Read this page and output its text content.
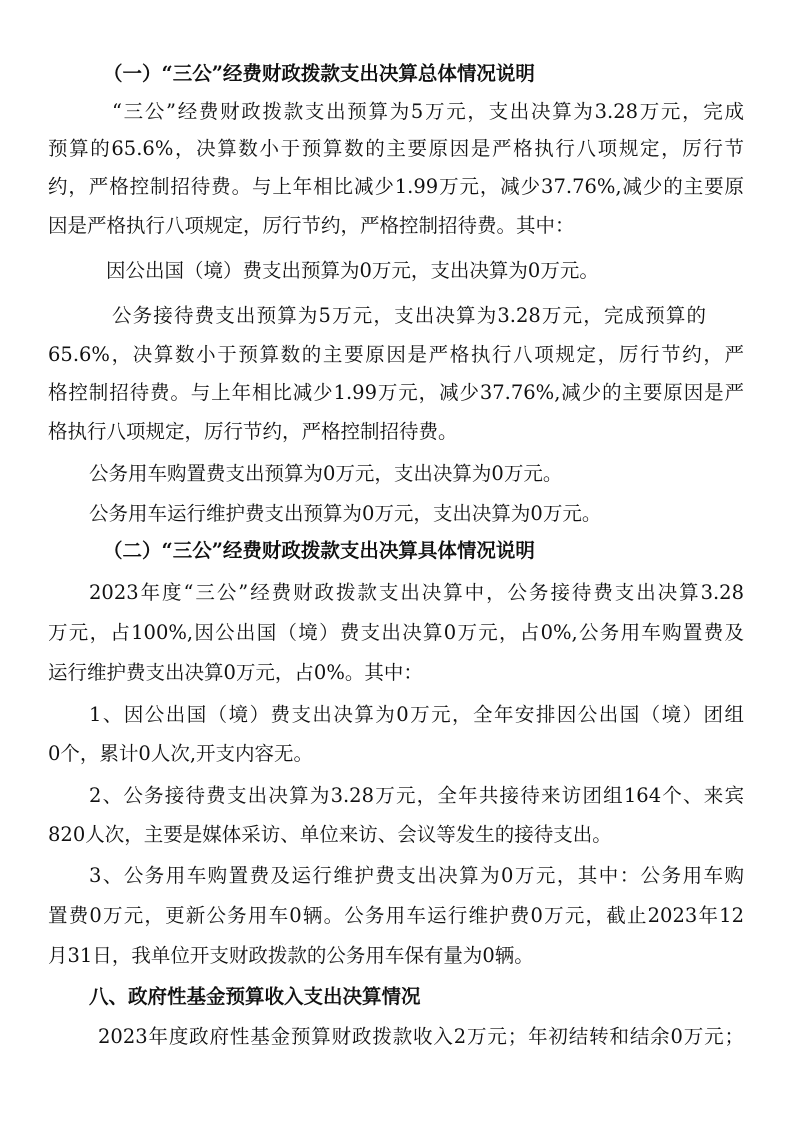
（一）“三公”经费财政拨款支出决算总体情况说明
“三公”经费财政拨款支出预算为5万元，支出决算为3.28万元，完成
预算的65.6%，决算数小于预算数的主要原因是严格执行八项规定，厉行节
约，严格控制招待费。与上年相比减少1.99万元，减少37.76%,减少的主要原
因是严格执行八项规定，厉行节约，严格控制招待费。其中：
因公出国（境）费支出预算为0万元，支出决算为0万元。
公务接待费支出预算为5万元，支出决算为3.28万元，完成预算的
65.6%，决算数小于预算数的主要原因是严格执行八项规定，厉行节约，严
格控制招待费。与上年相比减少1.99万元，减少37.76%,减少的主要原因是严
格执行八项规定，厉行节约，严格控制招待费。
公务用车购置费支出预算为0万元，支出决算为0万元。
公务用车运行维护费支出预算为0万元，支出决算为0万元。
（二）“三公”经费财政拨款支出决算具体情况说明
2023年度“三公”经费财政拨款支出决算中，公务接待费支出决算3.28
万元，占100%,因公出国（境）费支出决算0万元，占0%,公务用车购置费及
运行维护费支出决算0万元，占0%。其中：
1、因公出国（境）费支出决算为0万元，全年安排因公出国（境）团组
0个，累计0人次,开支内容无。
2、公务接待费支出决算为3.28万元，全年共接待来访团组164个、来宾
820人次，主要是媒体采访、单位来访、会议等发生的接待支出。
3、公务用车购置费及运行维护费支出决算为0万元，其中：公务用车购
置费0万元，更新公务用车0辆。公务用车运行维护费0万元，截止2023年12
月31日，我单位开支财政拨款的公务用车保有量为0辆。
八、政府性基金预算收入支出决算情况
2023年度政府性基金预算财政拨款收入2万元；年初结转和结余0万元；
